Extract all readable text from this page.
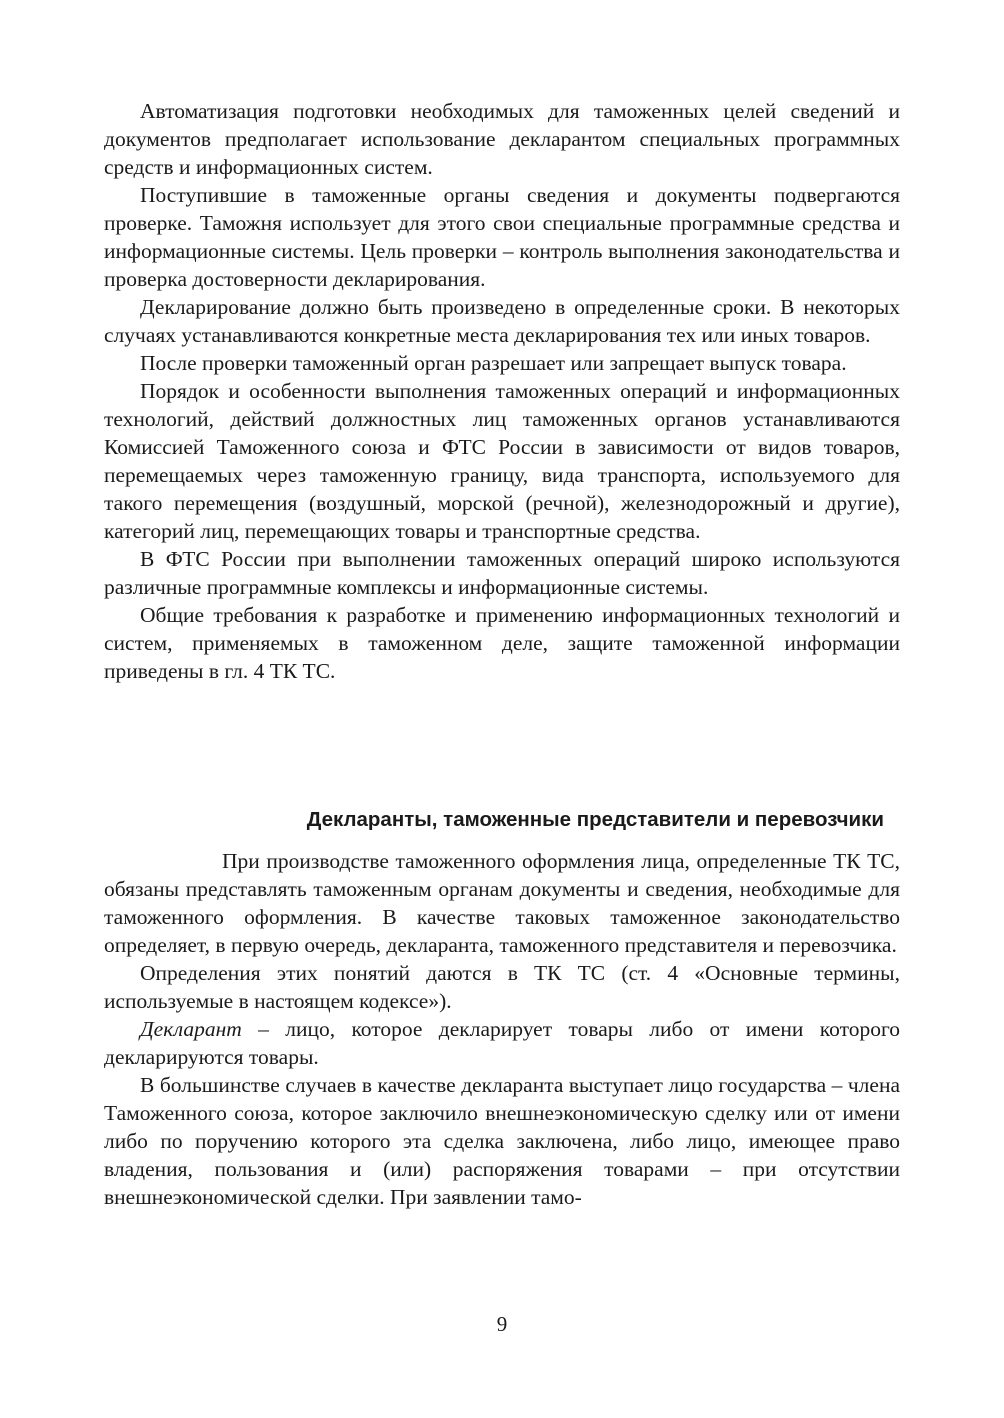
Автоматизация подготовки необходимых для таможенных целей сведений и документов предполагает использование декларантом специальных программных средств и информационных систем.

Поступившие в таможенные органы сведения и документы подвергаются проверке. Таможня использует для этого свои специальные программные средства и информационные системы. Цель проверки – контроль выполнения законодательства и проверка достоверности декларирования.

Декларирование должно быть произведено в определенные сроки. В некоторых случаях устанавливаются конкретные места декларирования тех или иных товаров.

После проверки таможенный орган разрешает или запрещает выпуск товара.

Порядок и особенности выполнения таможенных операций и информационных технологий, действий должностных лиц таможенных органов устанавливаются Комиссией Таможенного союза и ФТС России в зависимости от видов товаров, перемещаемых через таможенную границу, вида транспорта, используемого для такого перемещения (воздушный, морской (речной), железнодорожный и другие), категорий лиц, перемещающих товары и транспортные средства.

В ФТС России при выполнении таможенных операций широко используются различные программные комплексы и информационные системы.

Общие требования к разработке и применению информационных технологий и систем, применяемых в таможенном деле, защите таможенной информации приведены в гл. 4 ТК ТС.

Декларанты, таможенные представители и перевозчики

При производстве таможенного оформления лица, определенные ТК ТС, обязаны представлять таможенным органам документы и сведения, необходимые для таможенного оформления. В качестве таковых таможенное законодательство определяет, в первую очередь, декларанта, таможенного представителя и перевозчика.

Определения этих понятий даются в ТК ТС (ст. 4 «Основные термины, используемые в настоящем кодексе»).

Декларант – лицо, которое декларирует товары либо от имени которого декларируются товары.

В большинстве случаев в качестве декларанта выступает лицо государства – члена Таможенного союза, которое заключило внешнеэкономическую сделку или от имени либо по поручению которого эта сделка заключена, либо лицо, имеющее право владения, пользования и (или) распоряжения товарами – при отсутствии внешнеэкономической сделки. При заявлении тамо-

9
